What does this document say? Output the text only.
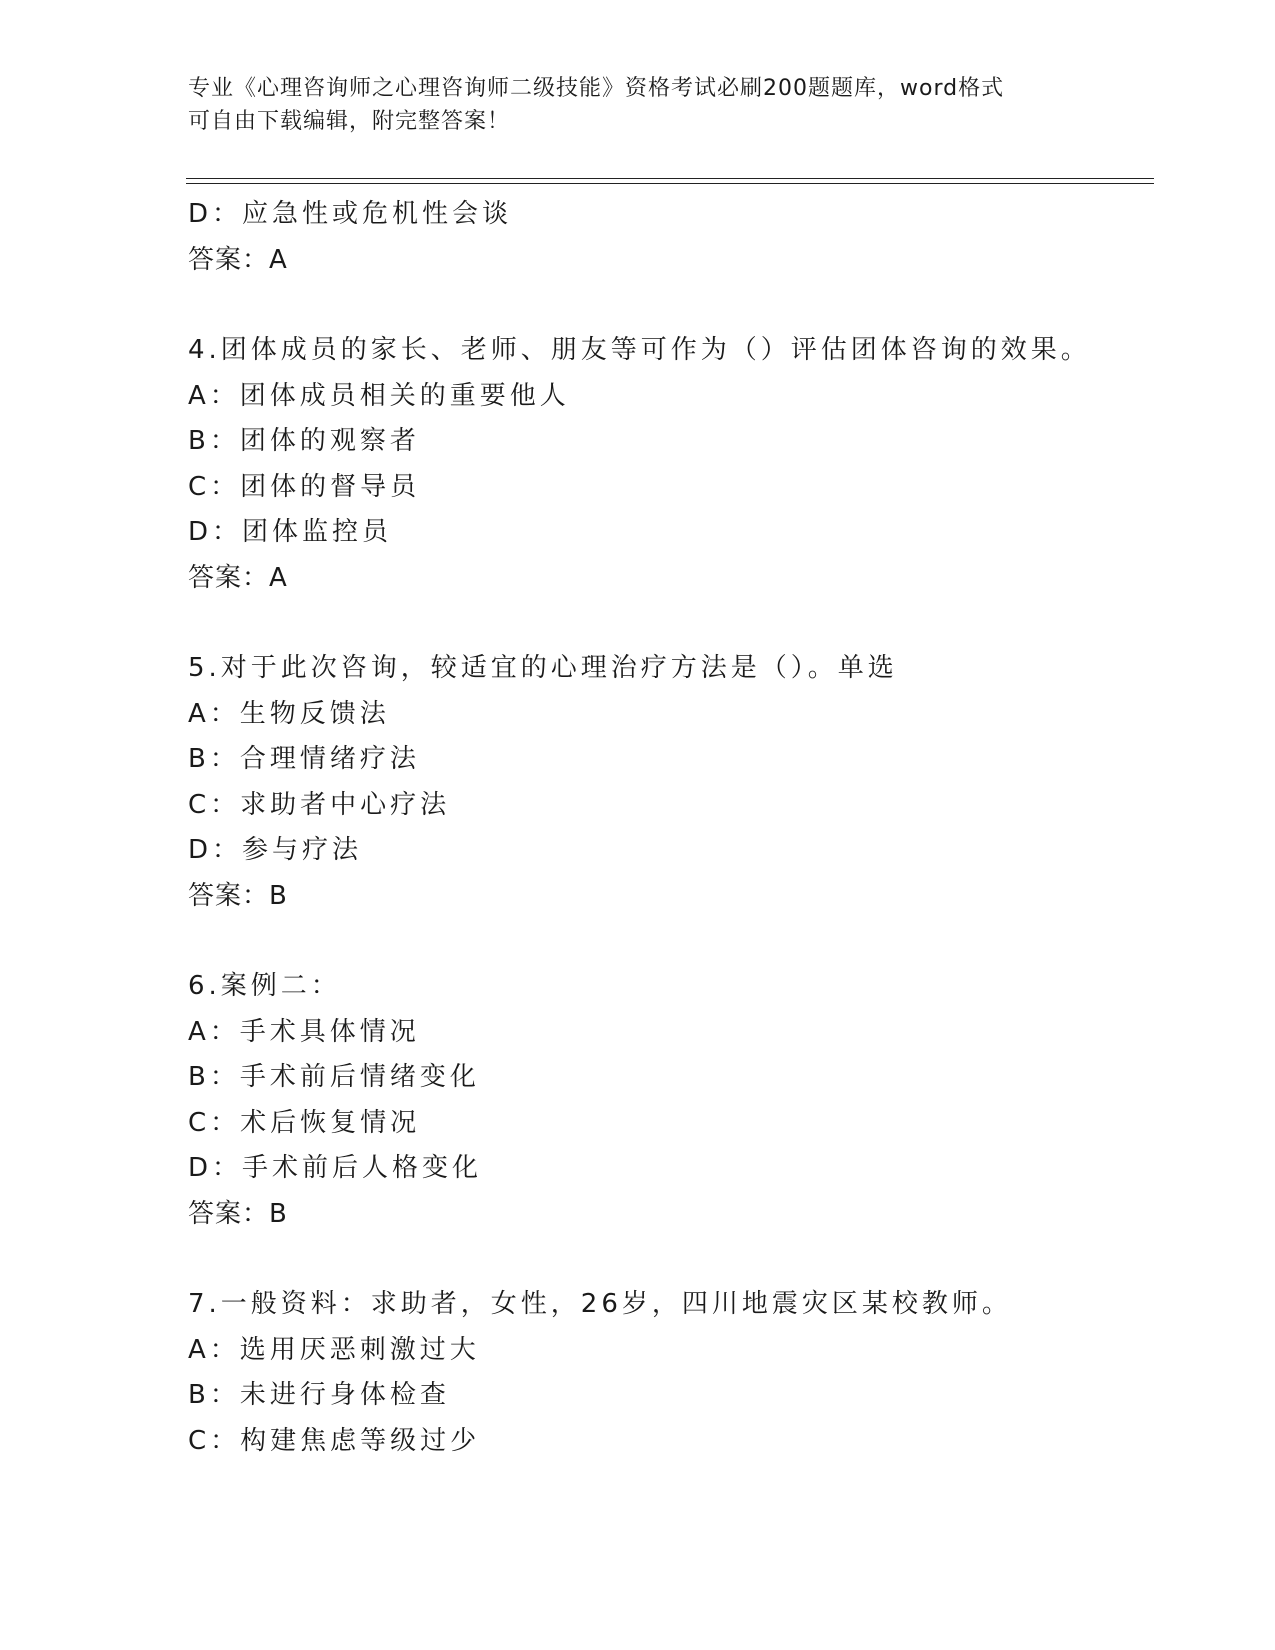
专业《心理咨询师之心理咨询师二级技能》资格考试必刷200题题库，word格式
可自由下载编辑，附完整答案！
D：应急性或危机性会谈
答案：A
4.团体成员的家长、老师、朋友等可作为（）评估团体咨询的效果。
A：团体成员相关的重要他人
B：团体的观察者
C：团体的督导员
D：团体监控员
答案：A
5.对于此次咨询，较适宜的心理治疗方法是（）。单选
A：生物反馈法
B：合理情绪疗法
C：求助者中心疗法
D：参与疗法
答案：B
6.案例二：
A：手术具体情况
B：手术前后情绪变化
C：术后恢复情况
D：手术前后人格变化
答案：B
7.一般资料：求助者，女性，26岁，四川地震灾区某校教师。
A：选用厌恶刺激过大
B：未进行身体检查
C：构建焦虑等级过少
